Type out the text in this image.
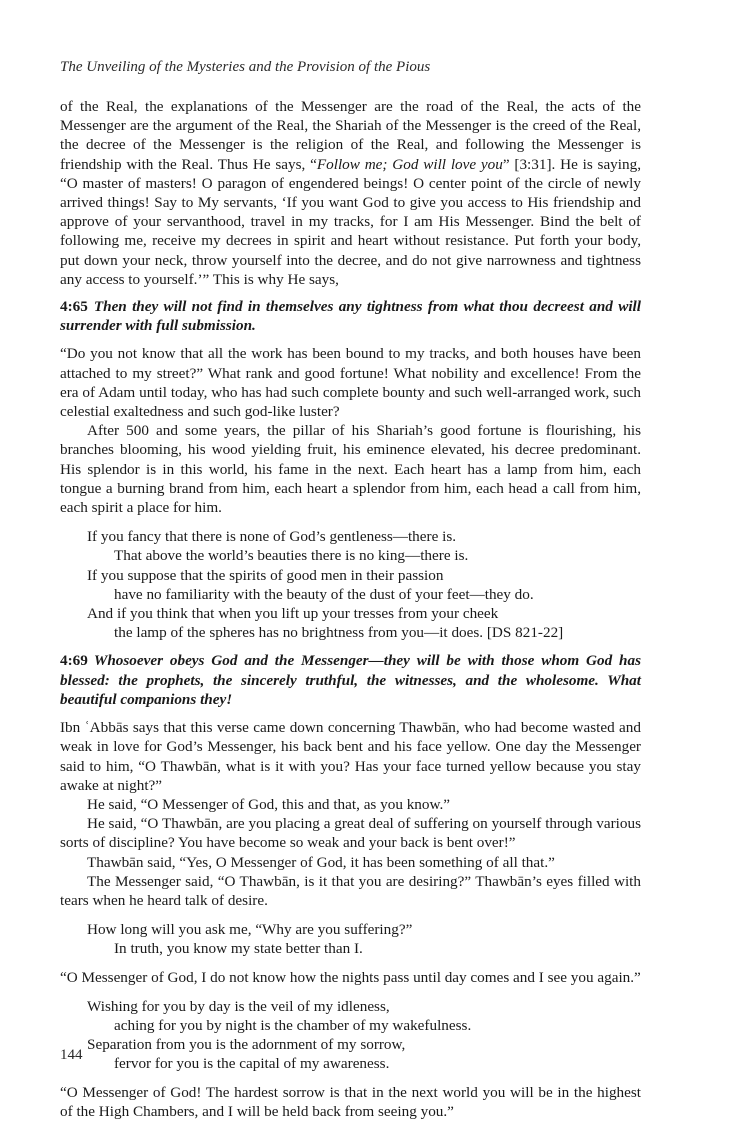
The Unveiling of the Mysteries and the Provision of the Pious

of the Real, the explanations of the Messenger are the road of the Real, the acts of the Messenger are the argument of the Real, the Shariah of the Messenger is the creed of the Real, the decree of the Messenger is the religion of the Real, and following the Messenger is friendship with the Real. Thus He says, “Follow me; God will love you” [3:31]. He is saying, “O master of masters! O paragon of engendered beings! O center point of the circle of newly arrived things! Say to My servants, ‘If you want God to give you access to His friendship and approve of your servanthood, travel in my tracks, for I am His Messenger. Bind the belt of following me, receive my decrees in spirit and heart without resistance. Put forth your body, put down your neck, throw yourself into the decree, and do not give narrowness and tightness any access to yourself.’” This is why He says,

4:65 Then they will not find in themselves any tightness from what thou decreest and will surrender with full submission.

“Do you not know that all the work has been bound to my tracks, and both houses have been attached to my street?” What rank and good fortune! What nobility and excellence! From the era of Adam until today, who has had such complete bounty and such well-arranged work, such celestial exaltedness and such god-like luster?

After 500 and some years, the pillar of his Shariah’s good fortune is flourishing, his branches blooming, his wood yielding fruit, his eminence elevated, his decree predominant. His splendor is in this world, his fame in the next. Each heart has a lamp from him, each tongue a burning brand from him, each heart a splendor from him, each head a call from him, each spirit a place for him.

If you fancy that there is none of God’s gentleness—there is.
That above the world’s beauties there is no king—there is.
If you suppose that the spirits of good men in their passion
have no familiarity with the beauty of the dust of your feet—they do.
And if you think that when you lift up your tresses from your cheek
the lamp of the spheres has no brightness from you—it does. [DS 821-22]
4:69 Whosoever obeys God and the Messenger—they will be with those whom God has blessed: the prophets, the sincerely truthful, the witnesses, and the wholesome. What beautiful companions they!

Ibn ʿAbbās says that this verse came down concerning Thawbān, who had become wasted and weak in love for God’s Messenger, his back bent and his face yellow. One day the Messenger said to him, “O Thawbān, what is it with you? Has your face turned yellow because you stay awake at night?”

He said, “O Messenger of God, this and that, as you know.”

He said, “O Thawbān, are you placing a great deal of suffering on yourself through various sorts of discipline? You have become so weak and your back is bent over!”

Thawbān said, “Yes, O Messenger of God, it has been something of all that.”

The Messenger said, “O Thawbān, is it that you are desiring?” Thawbān’s eyes filled with tears when he heard talk of desire.

How long will you ask me, “Why are you suffering?”
In truth, you know my state better than I.

“O Messenger of God, I do not know how the nights pass until day comes and I see you again.”

Wishing for you by day is the veil of my idleness,
aching for you by night is the chamber of my wakefulness.
Separation from you is the adornment of my sorrow,
fervor for you is the capital of my awareness.

“O Messenger of God! The hardest sorrow is that in the next world you will be in the highest of the High Chambers, and I will be held back from seeing you.”

144
